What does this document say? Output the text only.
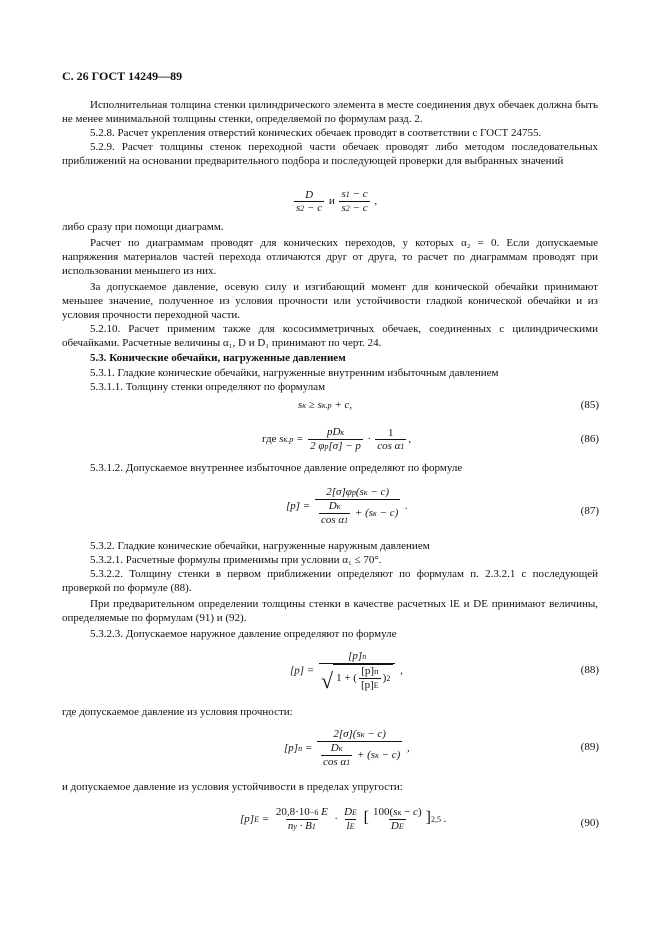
С. 26 ГОСТ 14249—89
Исполнительная толщина стенки цилиндрического элемента в месте соединения двух обечаек должна быть не менее минимальной толщины стенки, определяемой по формулам разд. 2.
5.2.8. Расчет укрепления отверстий конических обечаек проводят в соответствии с ГОСТ 24755.
5.2.9. Расчет толщины стенок переходной части обечаек проводят либо методом последовательных приближений на основании предварительного подбора и последующей проверки для выбранных значений
$\frac{D}{s2 - c}$ и $\frac{s1 - c}{s2 - c}$ ,
либо сразу при помощи диаграмм.
Расчет по диаграммам проводят для конических переходов, у которых α₂ = 0. Если допускаемые напряжения материалов частей перехода отличаются друг от друга, то расчет по диаграммам проводят при использовании меньшего из них.
За допускаемое давление, осевую силу и изгибающий момент для конической обечайки принимают меньшее значение, полученное из условия прочности или устойчивости гладкой конической обечайки и из условия прочности переходной части.
5.2.10. Расчет применим также для кососимметричных обечаек, соединенных с цилиндрическими обечайками. Расчетные величины α₁, D и D₁ принимают по черт. 24.
5.3. Конические обечайки, нагруженные давлением
5.3.1. Гладкие конические обечайки, нагруженные внутренним избыточным давлением
5.3.1.1. Толщину стенки определяют по формулам
sк ≥ sк.р + c,	(85)
где $sк.р = \frac{\text{pDк}}{2 \varphi p[\sigma] - p} \cdot \frac{1}{\text{cos α1}}$ ,	(86)
5.3.1.2. Допускаемое внутреннее избыточное давление определяют по формуле
$[p] = \frac{2[\sigma]\varphi p(sк - c)}{\frac{Dк}{\text{cos α1}} + (sк - c)}$ .	(87)
5.3.2. Гладкие конические обечайки, нагруженные наружным давлением
5.3.2.1. Расчетные формулы применимы при условии α₁ ≤ 70°.
5.3.2.2. Толщину стенки в первом приближении определяют по формулам п. 2.3.2.1 с последующей проверкой по формуле (88).
При предварительном определении толщины стенки в качестве расчетных lE и DE принимают величины, определяемые по формулам (91) и (92).
5.3.2.3. Допускаемое наружное давление определяют по формуле
$[p] = \frac{[p]п}{√ 1 + ( \frac{[p]п}{[p]E} )2}$ ,	(88)
где допускаемое давление из условия прочности:
$[p]п = \frac{2[\sigma](sк - c)}{\frac{Dк}{\text{cos α1}} + (sк - c)}$ ,	(89)
и допускаемое давление из условия устойчивости в пределах упругости:
$[p]E = \frac{20,8\cdot 10-6 E}{ny \cdot B1} \cdot \frac{DE}{lE}$ [ $\frac{100(sк - c)}{DE} ]2,5$ .	(90)
